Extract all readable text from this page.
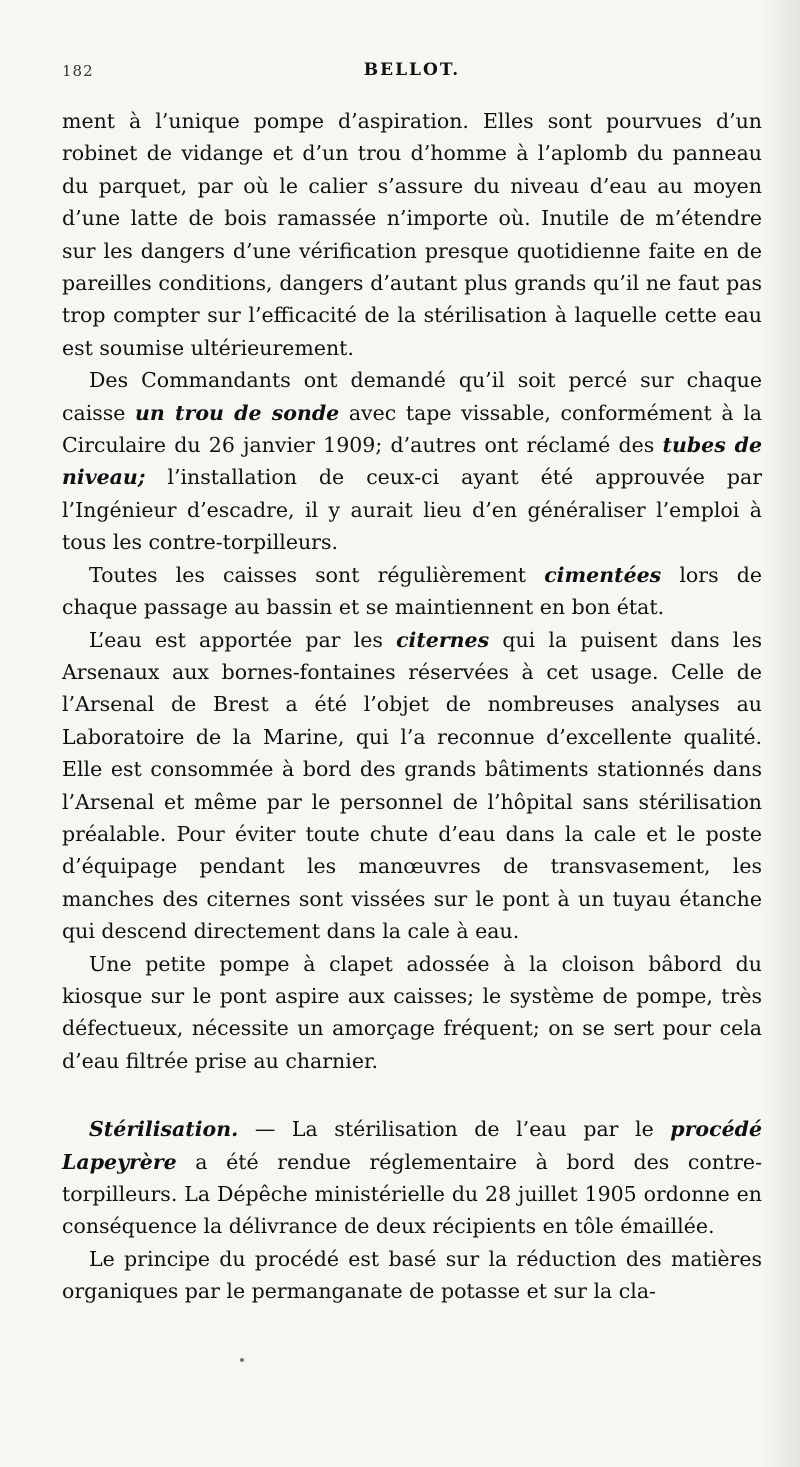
182	BELLOT.

ment à l’unique pompe d’aspiration. Elles sont pourvues d’un robinet de vidange et d’un trou d’homme à l’aplomb du panneau du parquet, par où le calier s’assure du niveau d’eau au moyen d’une latte de bois ramassée n’importe où. Inutile de m’étendre sur les dangers d’une vérification presque quotidienne faite en de pareilles conditions, dangers d’autant plus grands qu’il ne faut pas trop compter sur l’efficacité de la stérilisation à laquelle cette eau est soumise ultérieurement.

Des Commandants ont demandé qu’il soit percé sur chaque caisse un trou de sonde avec tape vissable, conformément à la Circulaire du 26 janvier 1909; d’autres ont réclamé des tubes de niveau; l’installation de ceux-ci ayant été approuvée par l’Ingénieur d’escadre, il y aurait lieu d’en généraliser l’emploi à tous les contre-torpilleurs.

Toutes les caisses sont régulièrement cimentées lors de chaque passage au bassin et se maintiennent en bon état.

L’eau est apportée par les citernes qui la puisent dans les Arsenaux aux bornes-fontaines réservées à cet usage. Celle de l’Arsenal de Brest a été l’objet de nombreuses analyses au Laboratoire de la Marine, qui l’a reconnue d’excellente qualité. Elle est consommée à bord des grands bâtiments stationnés dans l’Arsenal et même par le personnel de l’hôpital sans stérilisation préalable. Pour éviter toute chute d’eau dans la cale et le poste d’équipage pendant les manœuvres de transvasement, les manches des citernes sont vissées sur le pont à un tuyau étanche qui descend directement dans la cale à eau.

Une petite pompe à clapet adossée à la cloison bâbord du kiosque sur le pont aspire aux caisses; le système de pompe, très défectueux, nécessite un amorçage fréquent; on se sert pour cela d’eau filtrée prise au charnier.

Stérilisation. — La stérilisation de l’eau par le procédé Lapeyrère a été rendue réglementaire à bord des contre-torpilleurs. La Dépêche ministérielle du 28 juillet 1905 ordonne en conséquence la délivrance de deux récipients en tôle émaillée.

Le principe du procédé est basé sur la réduction des matières organiques par le permanganate de potasse et sur la cla-
